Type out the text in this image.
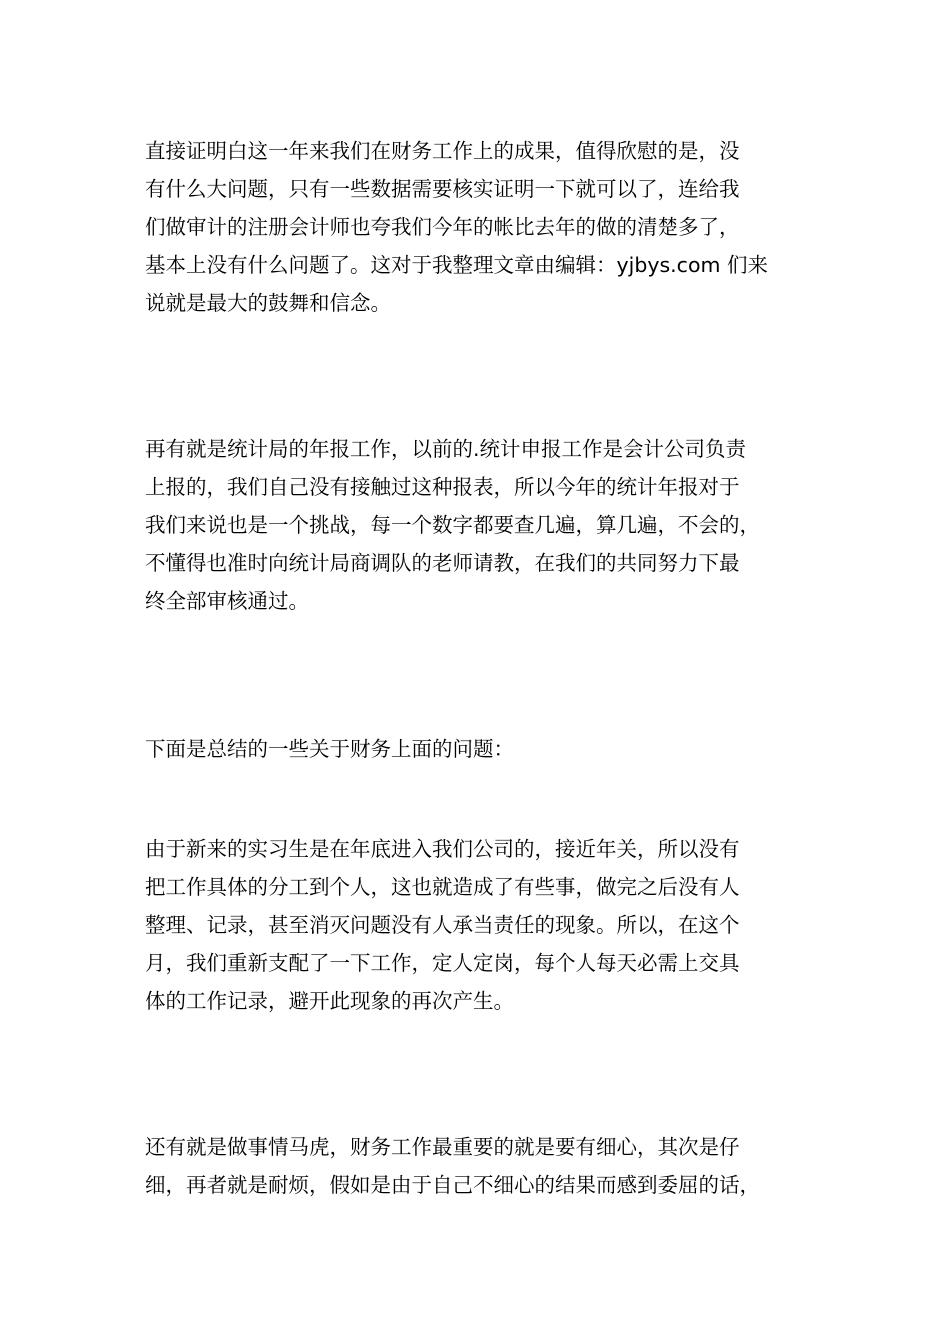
直接证明白这一年来我们在财务工作上的成果，值得欣慰的是，没
有什么大问题，只有一些数据需要核实证明一下就可以了，连给我
们做审计的注册会计师也夸我们今年的帐比去年的做的清楚多了，
基本上没有什么问题了。这对于我整理文章由编辑：yjbys.com 们来
说就是最大的鼓舞和信念。
再有就是统计局的年报工作，以前的.统计申报工作是会计公司负责
上报的，我们自己没有接触过这种报表，所以今年的统计年报对于
我们来说也是一个挑战，每一个数字都要查几遍，算几遍，不会的，
不懂得也准时向统计局商调队的老师请教，在我们的共同努力下最
终全部审核通过。
下面是总结的一些关于财务上面的问题：
由于新来的实习生是在年底进入我们公司的，接近年关，所以没有
把工作具体的分工到个人，这也就造成了有些事，做完之后没有人
整理、记录，甚至消灭问题没有人承当责任的现象。所以，在这个
月，我们重新支配了一下工作，定人定岗，每个人每天必需上交具
体的工作记录，避开此现象的再次产生。
还有就是做事情马虎，财务工作最重要的就是要有细心，其次是仔
细，再者就是耐烦，假如是由于自己不细心的结果而感到委屈的话，
